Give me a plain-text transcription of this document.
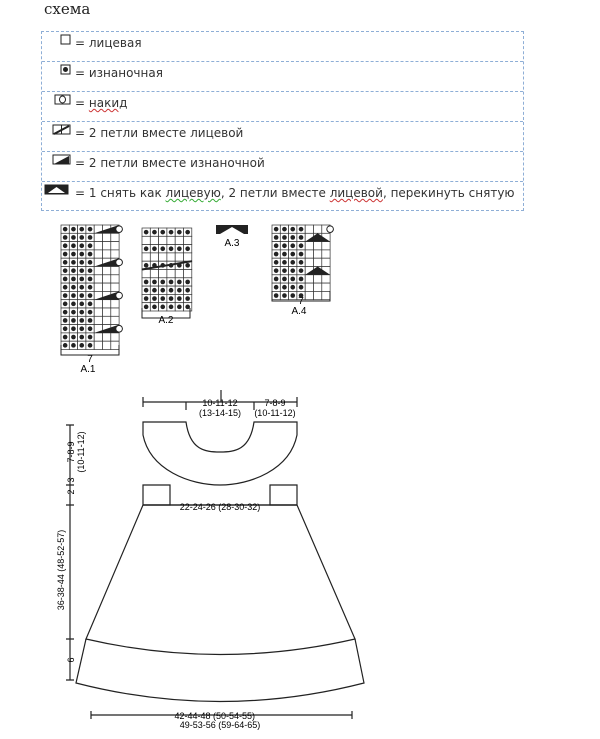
схема
= лицевая
= изнаночная
= накид
= 2 петли вместе лицевой
= 2 петли вместе изнаночной
= 1 снять как лицевую, 2 петли вместе лицевой, перекинуть снятую
7
A.1
A.2
A.3
7
A.4
10-11-12
(13-14-15)
7-8-9
(10-11-12)
22-24-26 (28-30-32)
42-44-48 (50-54-55)
49-53-56 (59-64-65)
7-8-9 (10-11-12)
2
3
36-38-44 (48-52-57)
6
